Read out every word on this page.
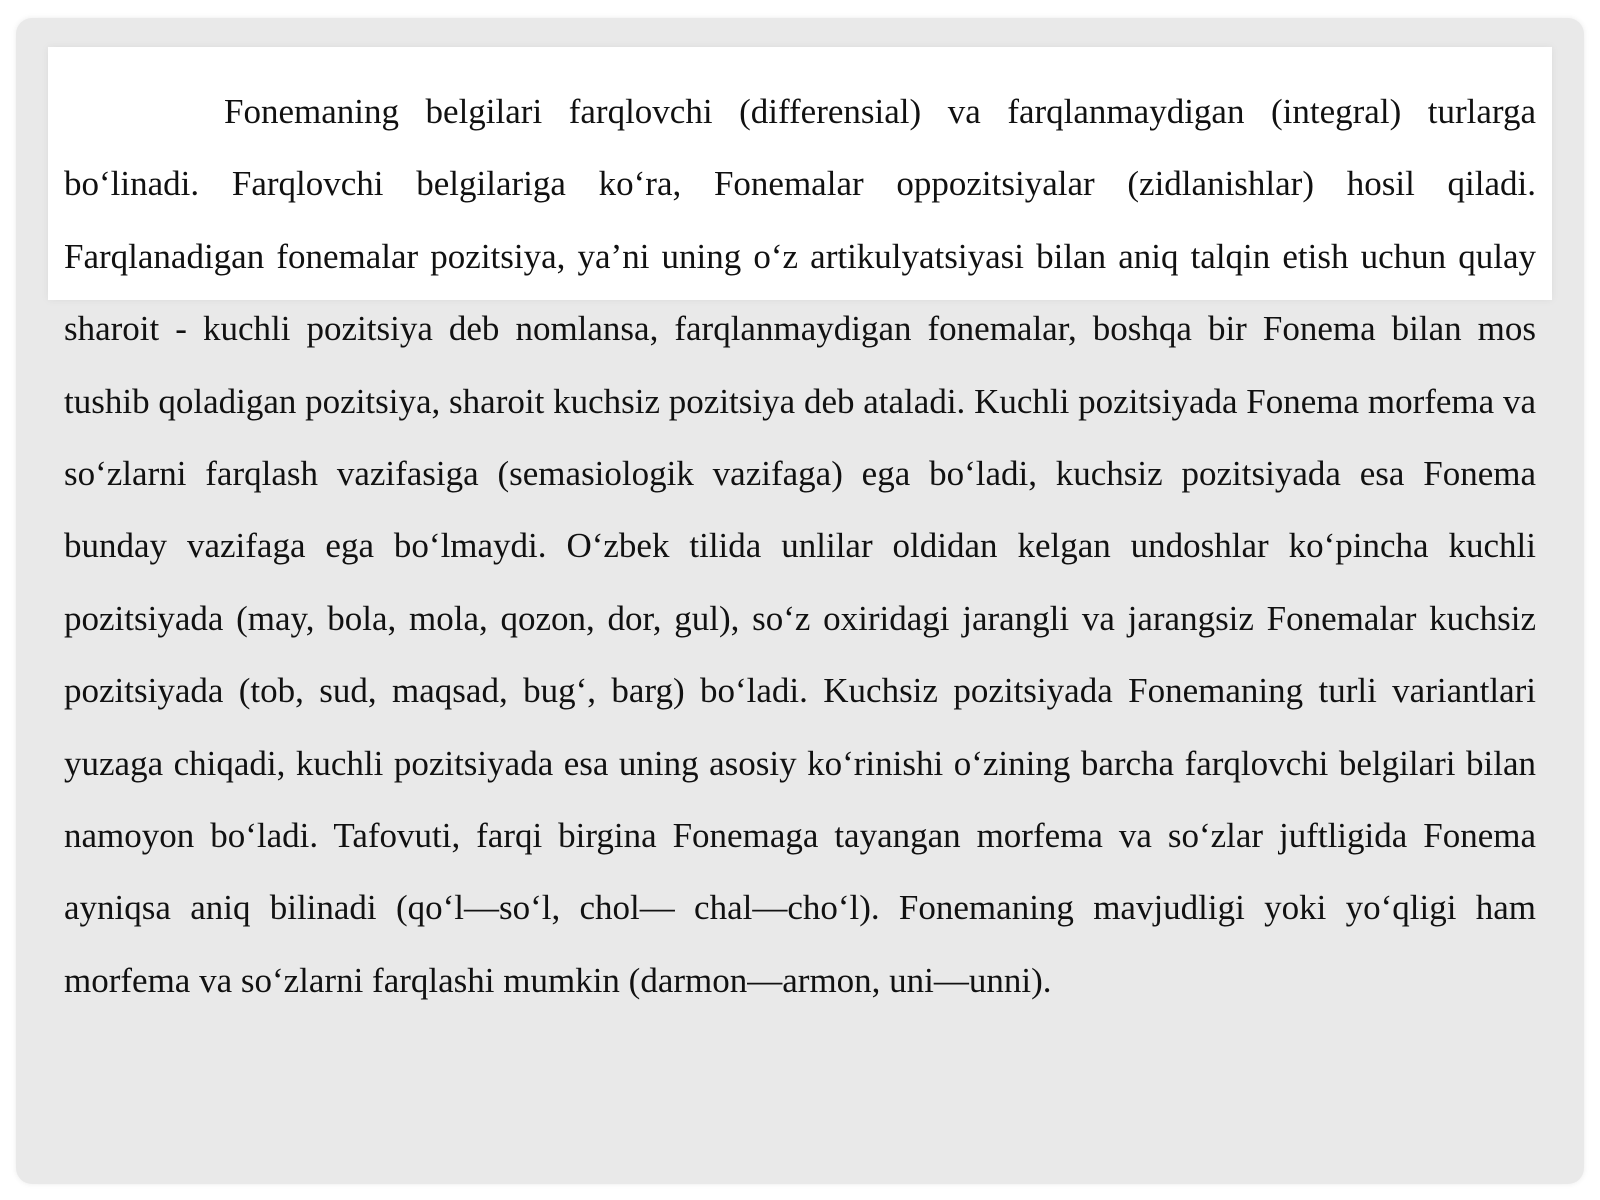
Fonemaning belgilari farqlovchi (differensial) va farqlanmaydigan (integral) turlarga bo‘linadi. Farqlovchi belgilariga ko‘ra, Fonemalar oppozitsiyalar (zidlanishlar) hosil qiladi. Farqlanadigan fonemalar pozitsiya, ya’ni uning o‘z artikulyatsiyasi bilan aniq talqin etish uchun qulay sharoit - kuchli pozitsiya deb nomlansa, farqlanmaydigan fonemalar, boshqa bir Fonema bilan mos tushib qoladigan pozitsiya, sharoit kuchsiz pozitsiya deb ataladi. Kuchli pozitsiyada Fonema morfema va so‘zlarni farqlash vazifasiga (semasiologik vazifaga) ega bo‘ladi, kuchsiz pozitsiyada esa Fonema bunday vazifaga ega bo‘lmaydi. O‘zbek tilida unlilar oldidan kelgan undoshlar ko‘pincha kuchli pozitsiyada (may, bola, mola, qozon, dor, gul), so‘z oxiridagi jarangli va jarangsiz Fonemalar kuchsiz pozitsiyada (tob, sud, maqsad, bug‘, barg) bo‘ladi. Kuchsiz pozitsiyada Fonemaning turli variantlari yuzaga chiqadi, kuchli pozitsiyada esa uning asosiy ko‘rinishi o‘zining barcha farqlovchi belgilari bilan namoyon bo‘ladi. Tafovuti, farqi birgina Fonemaga tayangan morfema va so‘zlar juftligida Fonema ayniqsa aniq bilinadi (qo‘l—so‘l, chol— chal—cho‘l). Fonemaning mavjudligi yoki yo‘qligi ham morfema va so‘zlarni farqlashi mumkin (darmon—armon, uni—unni).
